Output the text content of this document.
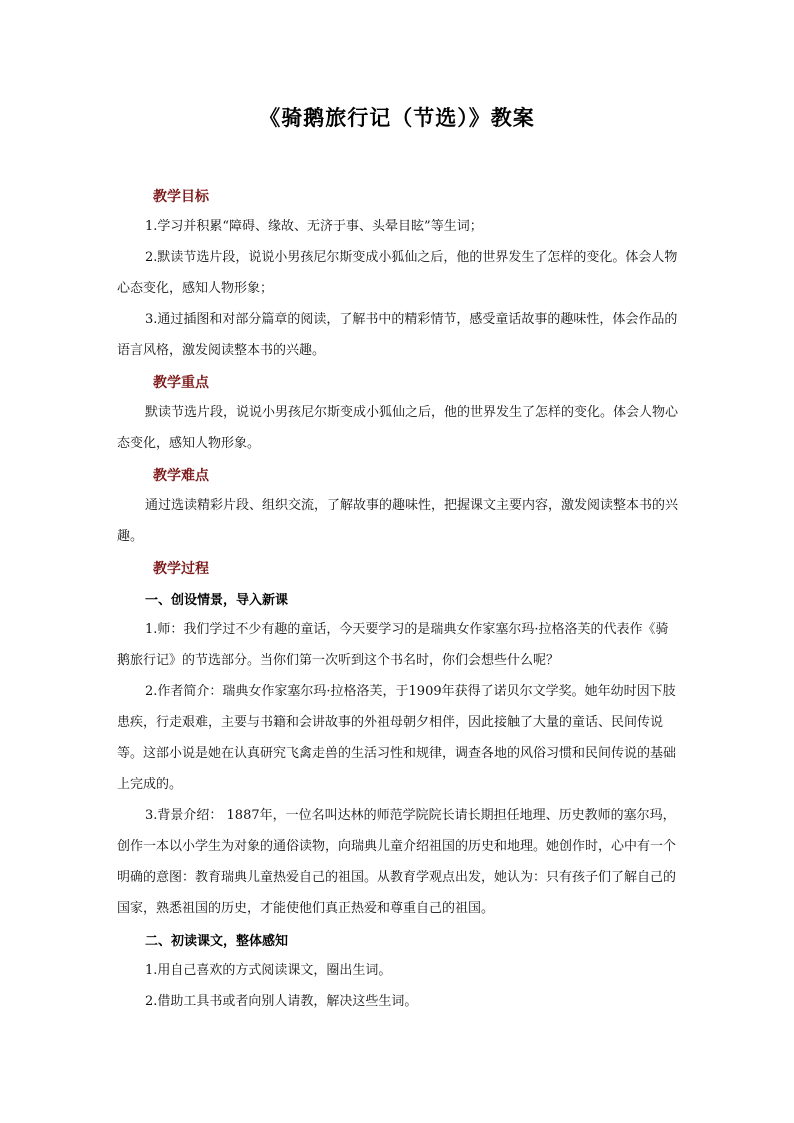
《骑鹅旅行记（节选）》教案
教学目标

1.学习并积累“障碍、缘故、无济于事、头晕目眩”等生词；

2.默读节选片段，说说小男孩尼尔斯变成小狐仙之后，他的世界发生了怎样的变化。体会人物心态变化，感知人物形象；

3.通过插图和对部分篇章的阅读，了解书中的精彩情节，感受童话故事的趣味性，体会作品的语言风格，激发阅读整本书的兴趣。

教学重点

默读节选片段，说说小男孩尼尔斯变成小狐仙之后，他的世界发生了怎样的变化。体会人物心态变化，感知人物形象。

教学难点

通过选读精彩片段、组织交流，了解故事的趣味性，把握课文主要内容，激发阅读整本书的兴趣。

教学过程
一、创设情景，导入新课

1.师：我们学过不少有趣的童话，今天要学习的是瑞典女作家塞尔玛·拉格洛芙的代表作《骑鹅旅行记》的节选部分。当你们第一次听到这个书名时，你们会想些什么呢？

2.作者简介：瑞典女作家塞尔玛·拉格洛芙，于1909年获得了诺贝尔文学奖。她年幼时因下肢患疾，行走艰难，主要与书籍和会讲故事的外祖母朝夕相伴，因此接触了大量的童话、民间传说等。这部小说是她在认真研究飞禽走兽的生活习性和规律，调查各地的风俗习惯和民间传说的基础上完成的。

3.背景介绍： 1887年，一位名叫达林的师范学院院长请长期担任地理、历史教师的塞尔玛，创作一本以小学生为对象的通俗读物，向瑞典儿童介绍祖国的历史和地理。她创作时，心中有一个明确的意图：教育瑞典儿童热爱自己的祖国。从教育学观点出发，她认为：只有孩子们了解自己的国家，熟悉祖国的历史，才能使他们真正热爱和尊重自己的祖国。

二、初读课文，整体感知

1.用自己喜欢的方式阅读课文，圈出生词。

2.借助工具书或者向别人请教，解决这些生词。
